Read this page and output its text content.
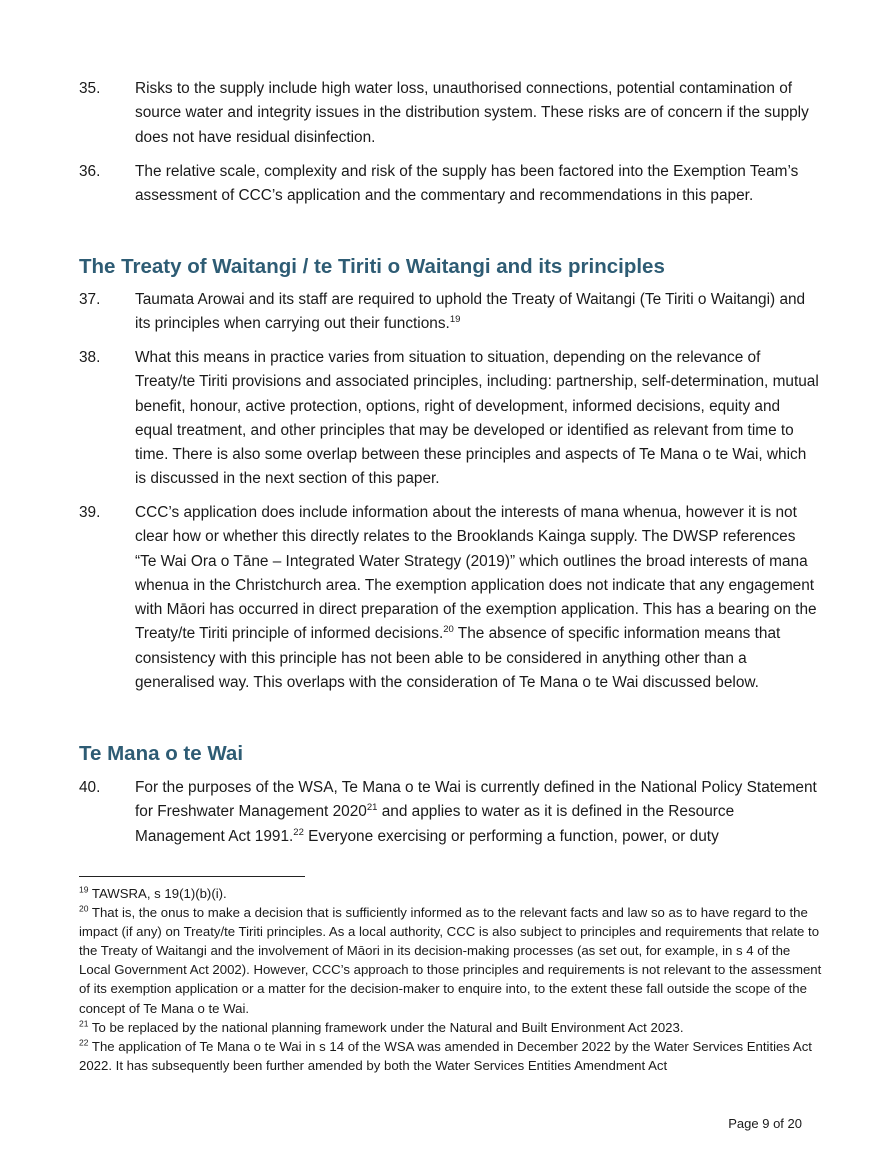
35.	Risks to the supply include high water loss, unauthorised connections, potential contamination of source water and integrity issues in the distribution system. These risks are of concern if the supply does not have residual disinfection.
36.	The relative scale, complexity and risk of the supply has been factored into the Exemption Team’s assessment of CCC’s application and the commentary and recommendations in this paper.
The Treaty of Waitangi / te Tiriti o Waitangi and its principles
37.	Taumata Arowai and its staff are required to uphold the Treaty of Waitangi (Te Tiriti o Waitangi) and its principles when carrying out their functions.$^{19}$
38.	What this means in practice varies from situation to situation, depending on the relevance of Treaty/te Tiriti provisions and associated principles, including: partnership, self-determination, mutual benefit, honour, active protection, options, right of development, informed decisions, equity and equal treatment, and other principles that may be developed or identified as relevant from time to time. There is also some overlap between these principles and aspects of Te Mana o te Wai, which is discussed in the next section of this paper.
39.	CCC’s application does include information about the interests of mana whenua, however it is not clear how or whether this directly relates to the Brooklands Kainga supply. The DWSP references “Te Wai Ora o Tāne – Integrated Water Strategy (2019)” which outlines the broad interests of mana whenua in the Christchurch area. The exemption application does not indicate that any engagement with Māori has occurred in direct preparation of the exemption application. This has a bearing on the Treaty/te Tiriti principle of informed decisions.$^{20}$ The absence of specific information means that consistency with this principle has not been able to be considered in anything other than a generalised way. This overlaps with the consideration of Te Mana o te Wai discussed below.
Te Mana o te Wai
40.	For the purposes of the WSA, Te Mana o te Wai is currently defined in the National Policy Statement for Freshwater Management 2020$^{21}$ and applies to water as it is defined in the Resource Management Act 1991.22 Everyone exercising or performing a function, power, or duty
$^{19}$ TAWSRA, s 19(1)(b)(i).
$^{20}$ That is, the onus to make a decision that is sufficiently informed as to the relevant facts and law so as to have regard to the impact (if any) on Treaty/te Tiriti principles. As a local authority, CCC is also subject to principles and requirements that relate to the Treaty of Waitangi and the involvement of Māori in its decision-making processes (as set out, for example, in s 4 of the Local Government Act 2002). However, CCC’s approach to those principles and requirements is not relevant to the assessment of its exemption application or a matter for the decision-maker to enquire into, to the extent these fall outside the scope of the concept of Te Mana o te Wai.
$^{21}$ To be replaced by the national planning framework under the Natural and Built Environment Act 2023.
$^{22}$ The application of Te Mana o te Wai in s 14 of the WSA was amended in December 2022 by the Water Services Entities Act 2022. It has subsequently been further amended by both the Water Services Entities Amendment Act
Page 9 of 20
